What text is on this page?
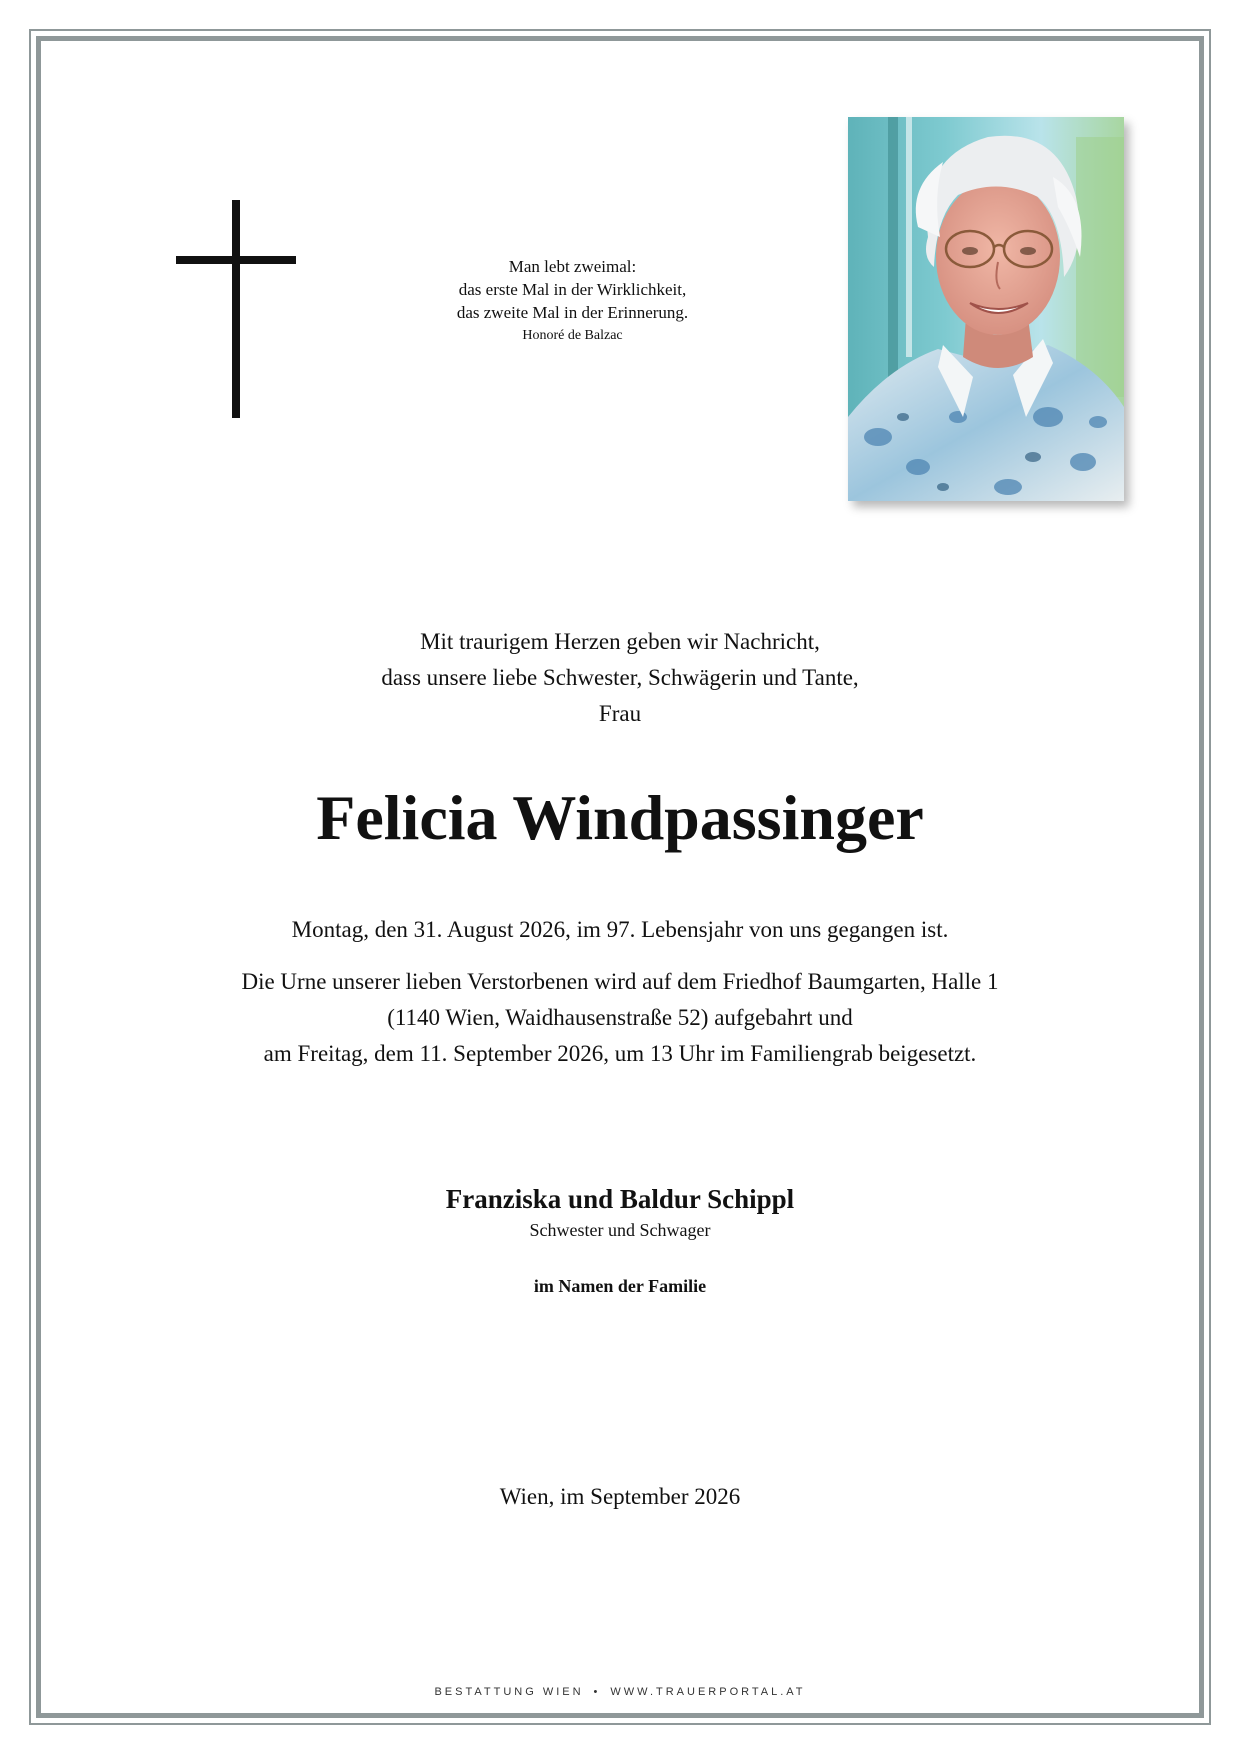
Man lebt zweimal:
das erste Mal in der Wirklichkeit,
das zweite Mal in der Erinnerung.
Honoré de Balzac
Mit traurigem Herzen geben wir Nachricht,
dass unsere liebe Schwester, Schwägerin und Tante,
Frau
Felicia Windpassinger
Montag, den 31. August 2026, im 97. Lebensjahr von uns gegangen ist.
Die Urne unserer lieben Verstorbenen wird auf dem Friedhof Baumgarten, Halle 1
(1140 Wien, Waidhausenstraße 52) aufgebahrt und
am Freitag, dem 11. September 2026, um 13 Uhr im Familiengrab beigesetzt.
Franziska und Baldur Schippl
Schwester und Schwager
im Namen der Familie
Wien, im September 2026
BESTATTUNG WIEN • WWW.TRAUERPORTAL.AT
